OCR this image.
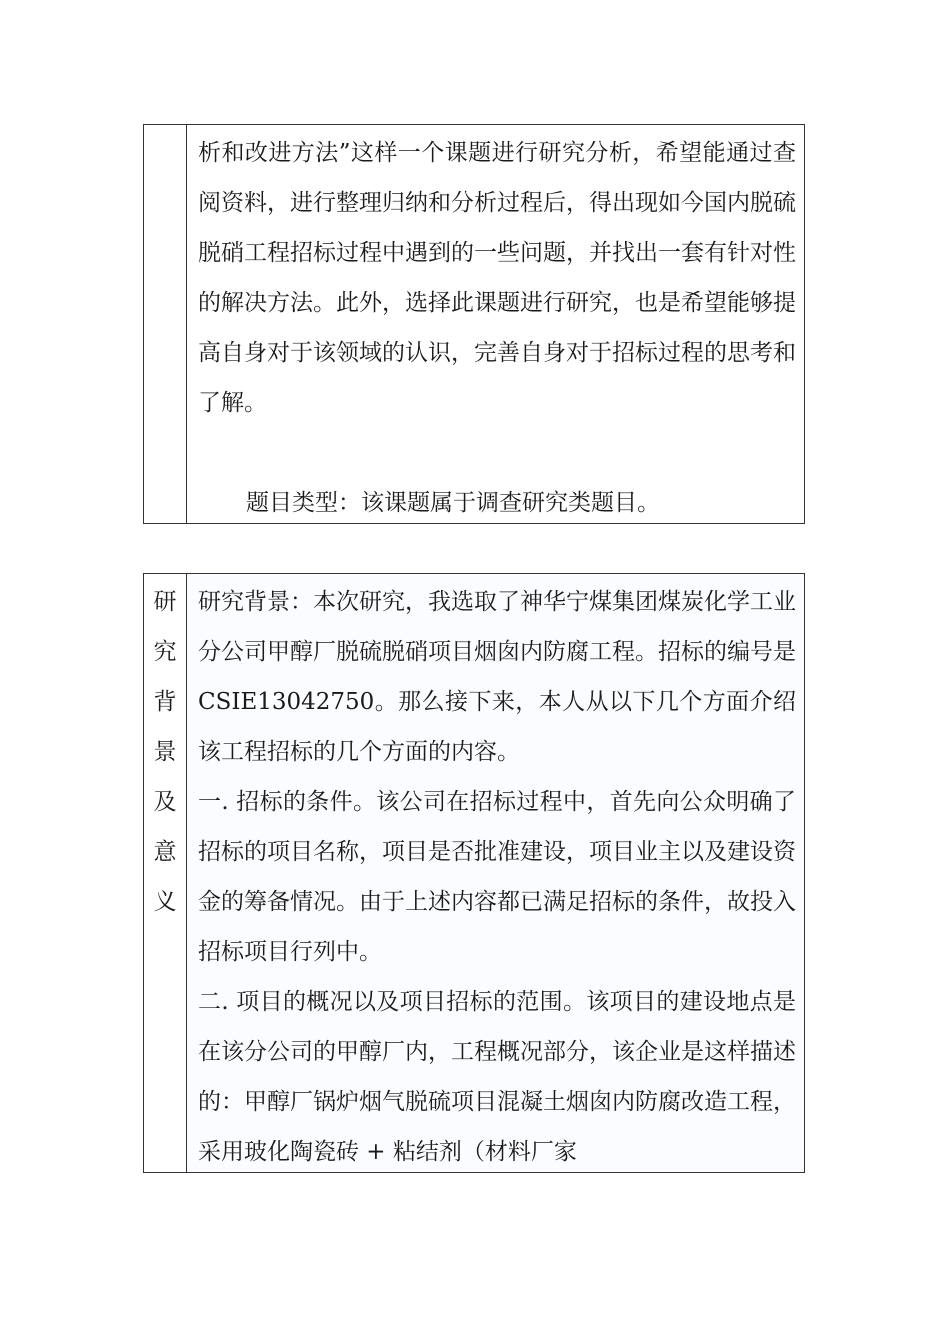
析和改进方法”这样一个课题进行研究分析，希望能通过查阅资料，进行整理归纳和分析过程后，得出现如今国内脱硫脱硝工程招标过程中遇到的一些问题，并找出一套有针对性的解决方法。此外，选择此课题进行研究，也是希望能够提高自身对于该领域的认识，完善自身对于招标过程的思考和了解。

题目类型：该课题属于调查研究类题目。

研
究
背
景
及
意
义

研究背景：本次研究，我选取了神华宁煤集团煤炭化学工业分公司甲醇厂脱硫脱硝项目烟囱内防腐工程。招标的编号是CSIE13042750。那么接下来，本人从以下几个方面介绍该工程招标的几个方面的内容。

一. 招标的条件。该公司在招标过程中，首先向公众明确了招标的项目名称，项目是否批准建设，项目业主以及建设资金的筹备情况。由于上述内容都已满足招标的条件，故投入招标项目行列中。

二. 项目的概况以及项目招标的范围。该项目的建设地点是在该分公司的甲醇厂内，工程概况部分，该企业是这样描述的：甲醇厂锅炉烟气脱硫项目混凝土烟囱内防腐改造工程，采用玻化陶瓷砖 + 粘结剂（材料厂家
